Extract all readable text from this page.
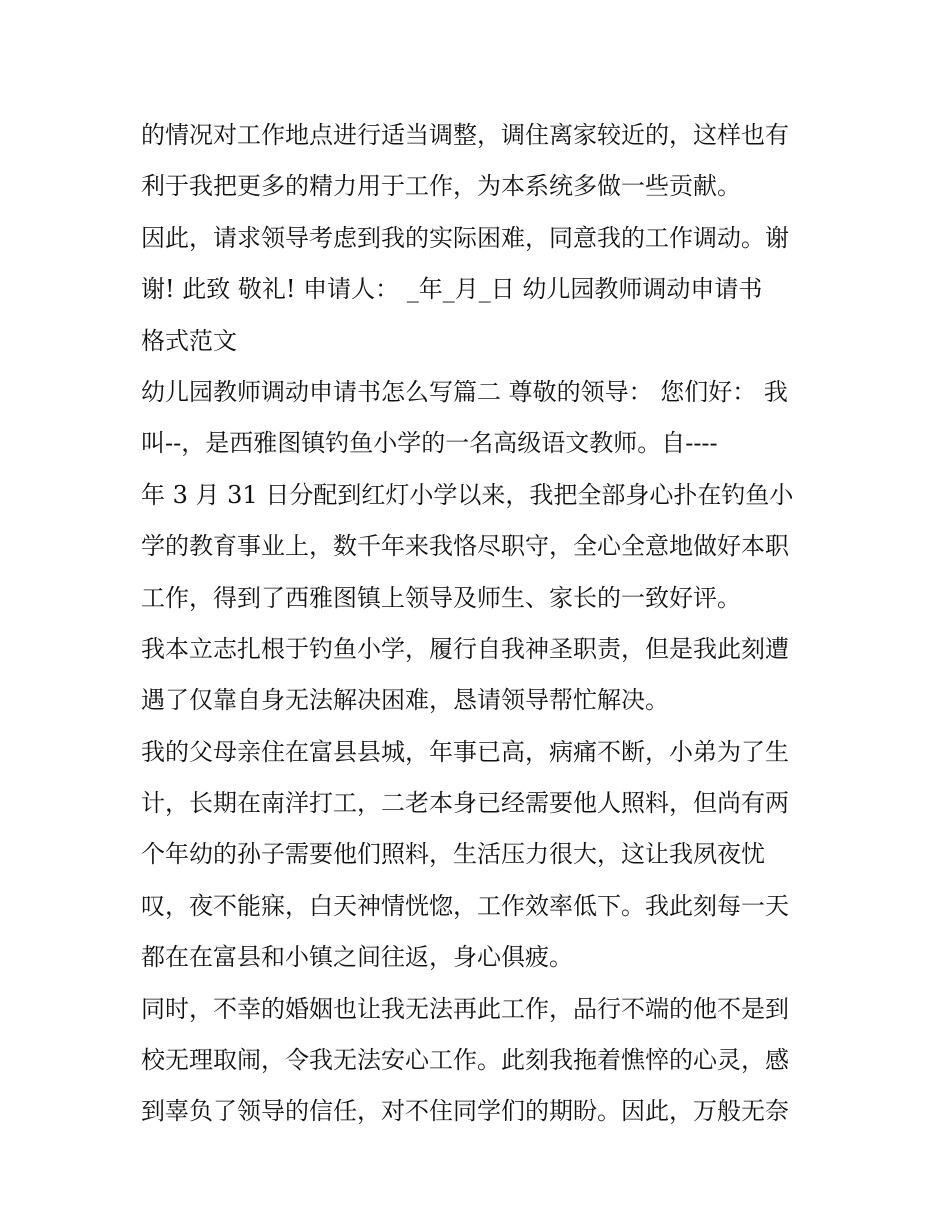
的情况对工作地点进行适当调整，调住离家较近的，这样也有
利于我把更多的精力用于工作，为本系统多做一些贡献。
因此，请求领导考虑到我的实际困难，同意我的工作调动。谢
谢! 此致 敬礼! 申请人： _年_月_日 幼儿园教师调动申请书
格式范文
幼儿园教师调动申请书怎么写篇二 尊敬的领导： 您们好： 我
叫--，是西雅图镇钓鱼小学的一名高级语文教师。自----
年 3 月 31 日分配到红灯小学以来，我把全部身心扑在钓鱼小
学的教育事业上，数千年来我恪尽职守，全心全意地做好本职
工作，得到了西雅图镇上领导及师生、家长的一致好评。
我本立志扎根于钓鱼小学，履行自我神圣职责，但是我此刻遭
遇了仅靠自身无法解决困难，恳请领导帮忙解决。
我的父母亲住在富县县城，年事已高，病痛不断，小弟为了生
计，长期在南洋打工，二老本身已经需要他人照料，但尚有两
个年幼的孙子需要他们照料，生活压力很大，这让我夙夜忧
叹，夜不能寐，白天神情恍惚，工作效率低下。我此刻每一天
都在在富县和小镇之间往返，身心俱疲。
同时，不幸的婚姻也让我无法再此工作，品行不端的他不是到
校无理取闹，令我无法安心工作。此刻我拖着憔悴的心灵，感
到辜负了领导的信任，对不住同学们的期盼。因此，万般无奈
